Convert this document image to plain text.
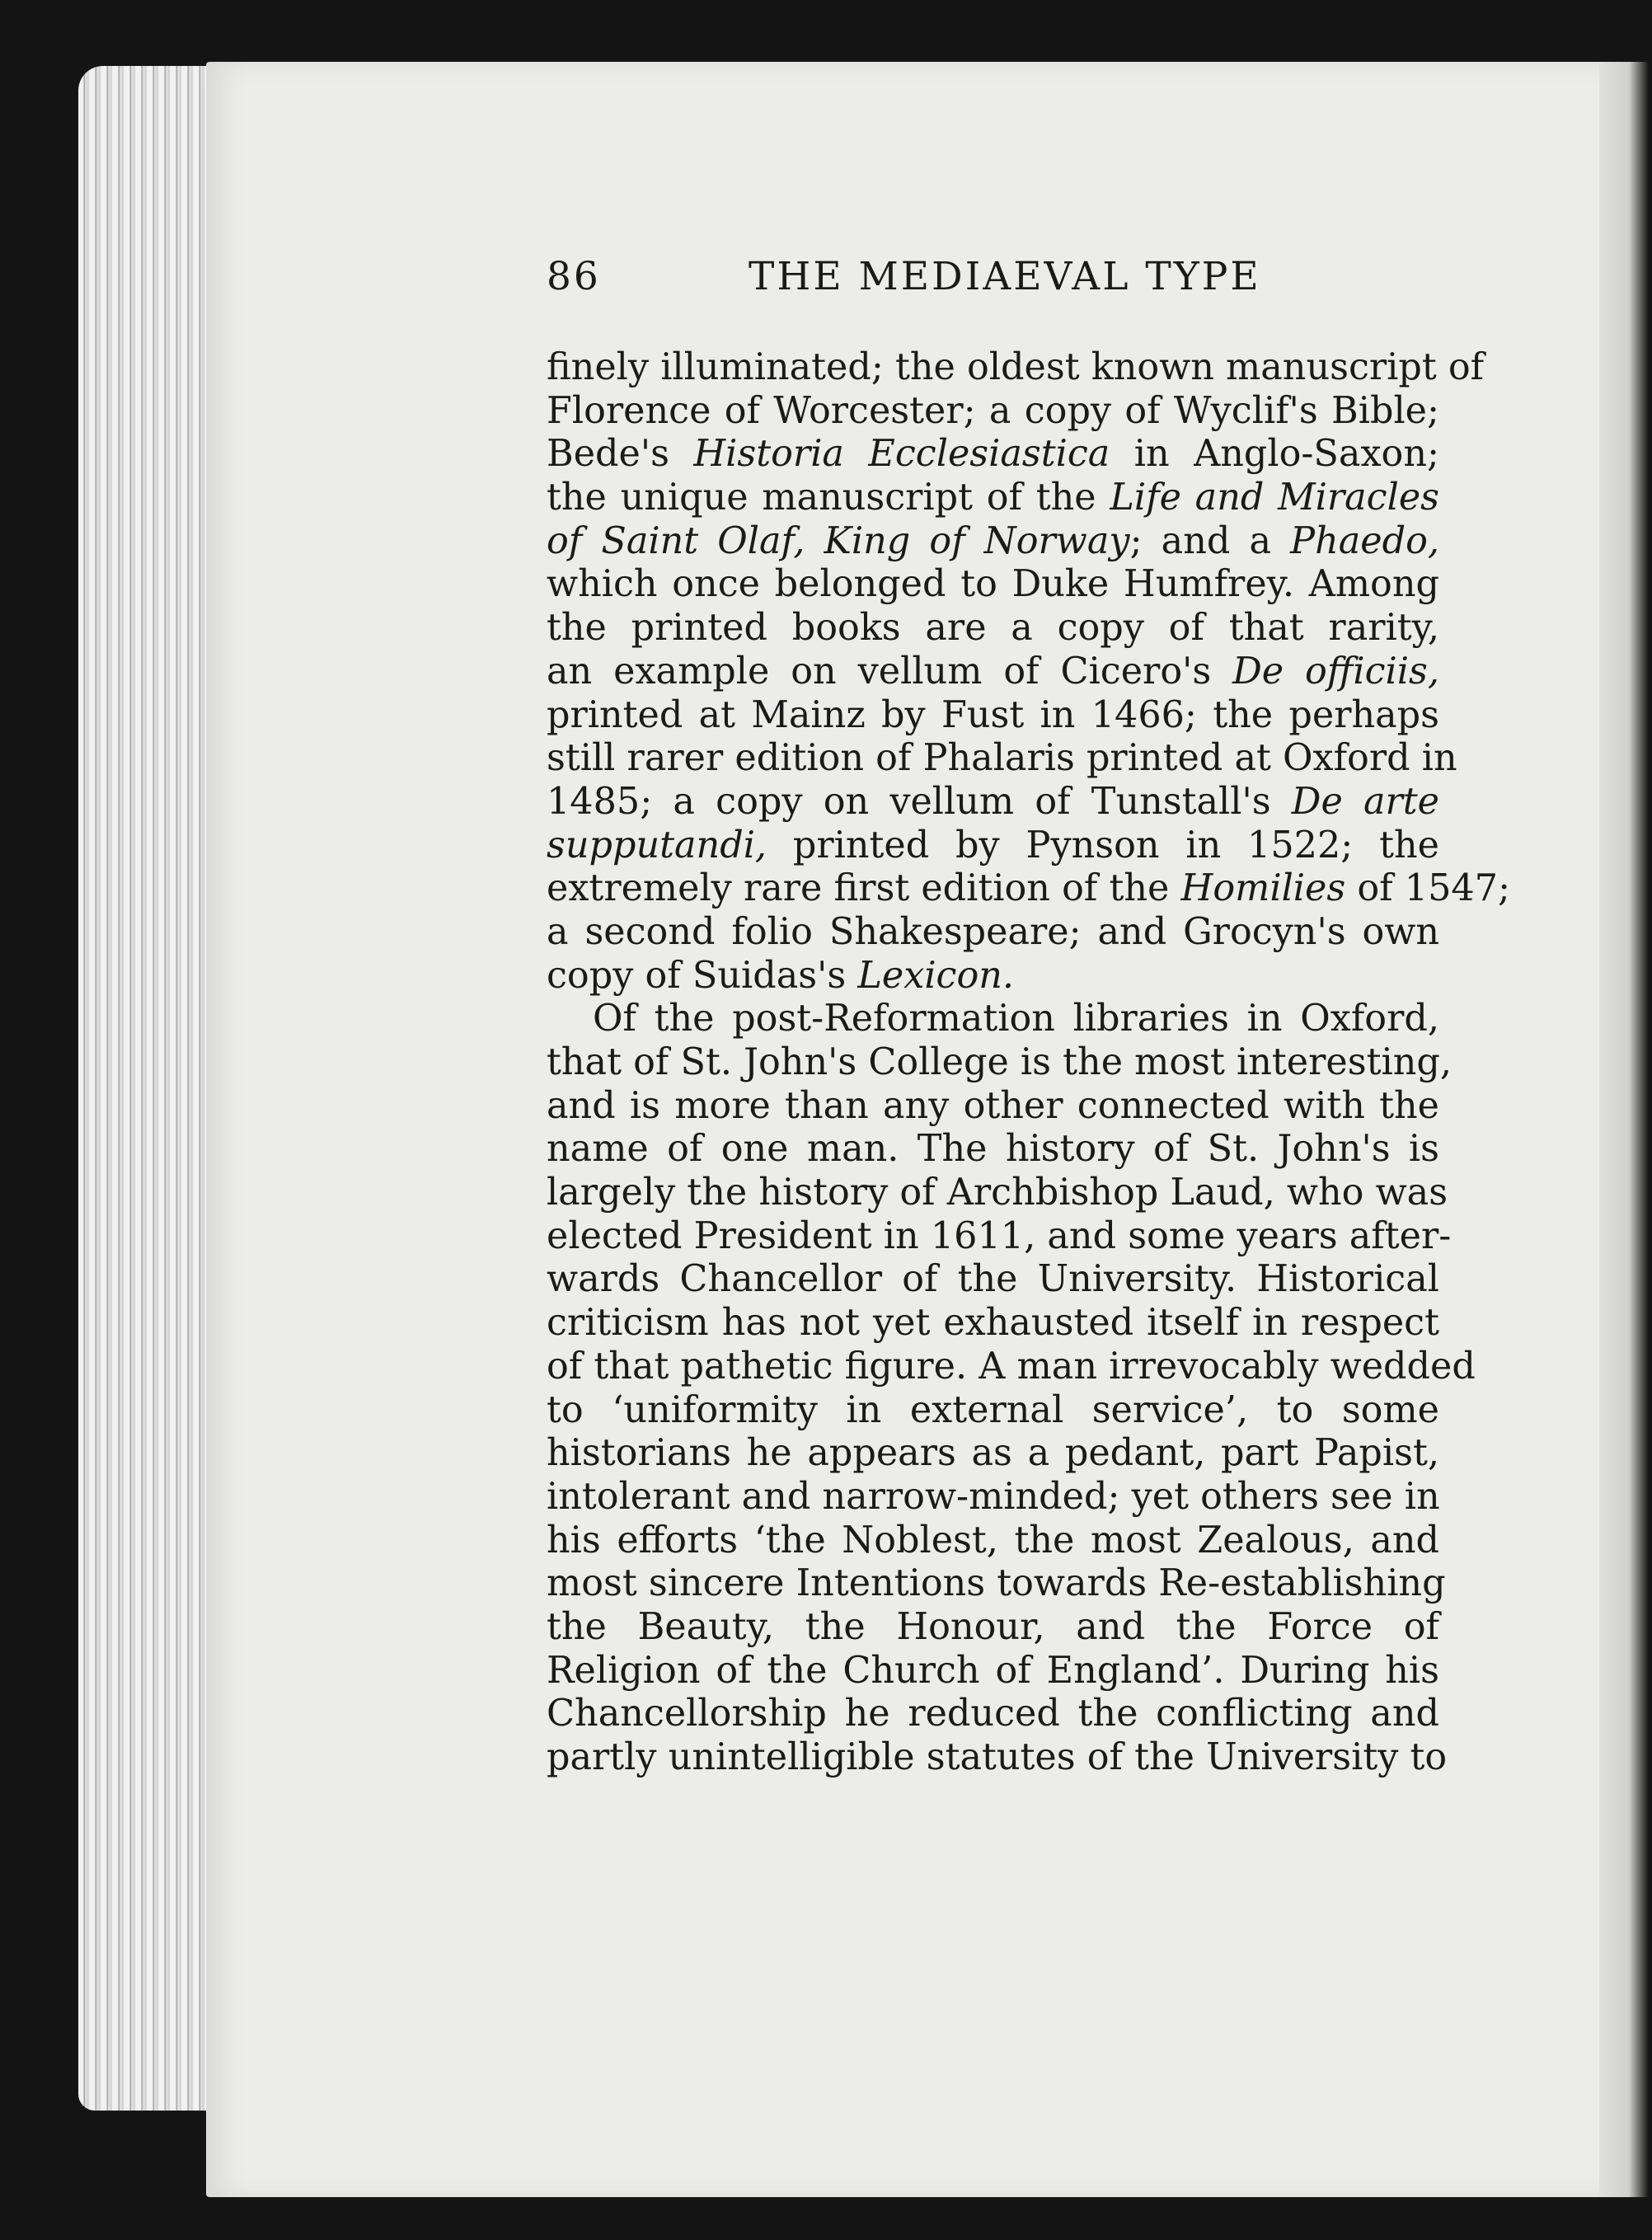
86	THE MEDIAEVAL TYPE
finely illuminated; the oldest known manuscript of
Florence of Worcester; a copy of Wyclif's Bible;
Bede's Historia Ecclesiastica in Anglo-Saxon;
the unique manuscript of the Life and Miracles
of Saint Olaf, King of Norway; and a Phaedo,
which once belonged to Duke Humfrey. Among
the printed books are a copy of that rarity,
an example on vellum of Cicero's De officiis,
printed at Mainz by Fust in 1466; the perhaps
still rarer edition of Phalaris printed at Oxford in
1485; a copy on vellum of Tunstall's De arte
supputandi, printed by Pynson in 1522; the
extremely rare first edition of the Homilies of 1547;
a second folio Shakespeare; and Grocyn's own
copy of Suidas's Lexicon.
Of the post-Reformation libraries in Oxford,
that of St. John's College is the most interesting,
and is more than any other connected with the
name of one man. The history of St. John's is
largely the history of Archbishop Laud, who was
elected President in 1611, and some years after-
wards Chancellor of the University. Historical
criticism has not yet exhausted itself in respect
of that pathetic figure. A man irrevocably wedded
to ‘uniformity in external service’, to some
historians he appears as a pedant, part Papist,
intolerant and narrow-minded; yet others see in
his efforts ‘the Noblest, the most Zealous, and
most sincere Intentions towards Re-establishing
the Beauty, the Honour, and the Force of
Religion of the Church of England’. During his
Chancellorship he reduced the conflicting and
partly unintelligible statutes of the University to
